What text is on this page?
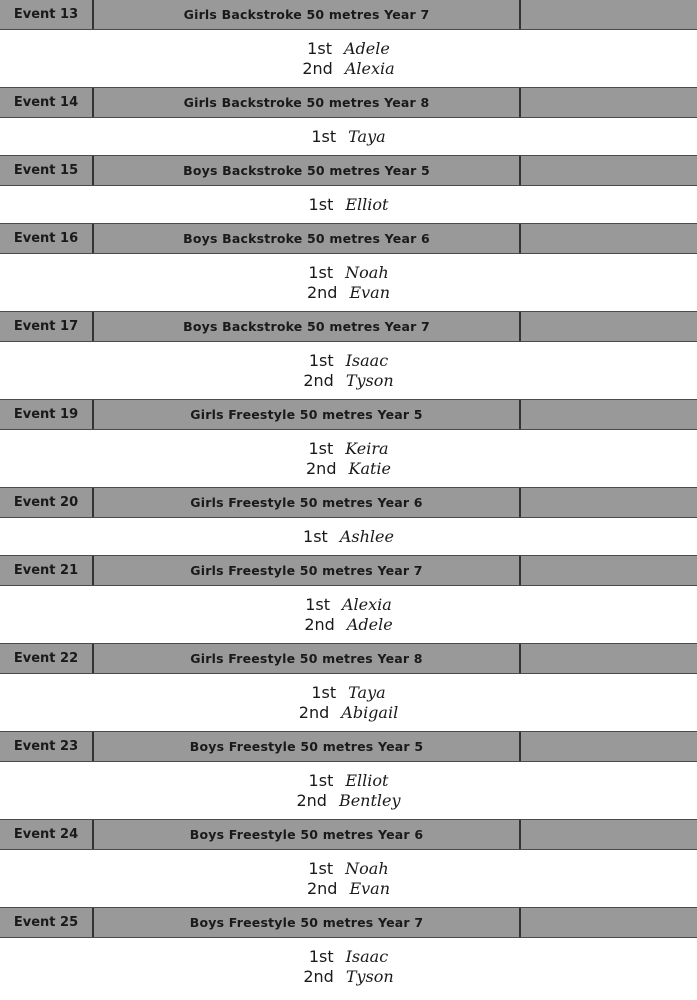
Event 13	Girls Backstroke 50 metres Year 7
1st Adele
2nd Alexia
Event 14	Girls Backstroke 50 metres Year 8
1st Taya
Event 15	Boys Backstroke 50 metres Year 5
1st Elliot
Event 16	Boys Backstroke 50 metres Year 6
1st Noah
2nd Evan
Event 17	Boys Backstroke 50 metres Year 7
1st Isaac
2nd Tyson
Event 19	Girls Freestyle 50 metres Year 5
1st Keira
2nd Katie
Event 20	Girls Freestyle 50 metres Year 6
1st Ashlee
Event 21	Girls Freestyle 50 metres Year 7
1st Alexia
2nd Adele
Event 22	Girls Freestyle 50 metres Year 8
1st Taya
2nd Abigail
Event 23	Boys Freestyle 50 metres Year 5
1st Elliot
2nd Bentley
Event 24	Boys Freestyle 50 metres Year 6
1st Noah
2nd Evan
Event 25	Boys Freestyle 50 metres Year 7
1st Isaac
2nd Tyson
